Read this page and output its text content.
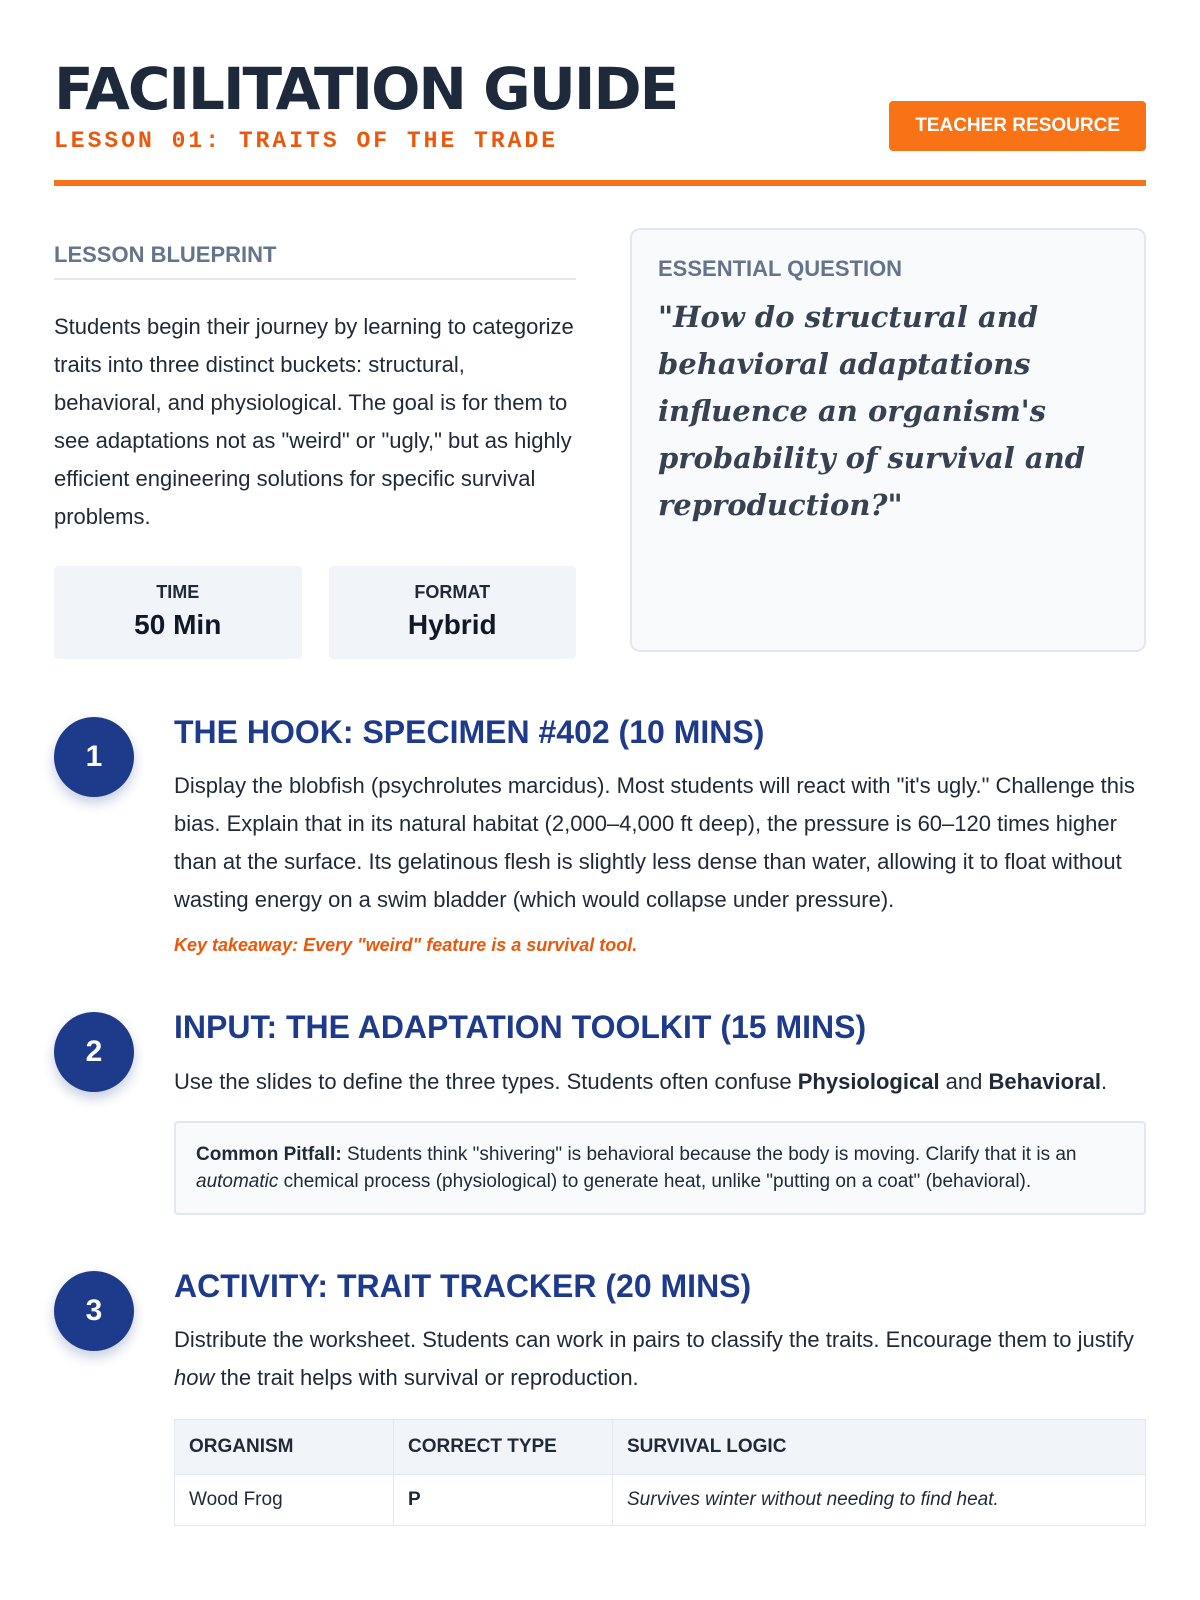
FACILITATION GUIDE
LESSON 01: TRAITS OF THE TRADE
TEACHER RESOURCE
LESSON BLUEPRINT
Students begin their journey by learning to categorize traits into three distinct buckets: structural, behavioral, and physiological. The goal is for them to see adaptations not as "weird" or "ugly," but as highly efficient engineering solutions for specific survival problems.
TIME
50 Min
FORMAT
Hybrid
ESSENTIAL QUESTION
"How do structural and behavioral adaptations influence an organism's probability of survival and reproduction?"
1
THE HOOK: SPECIMEN #402 (10 MINS)
Display the blobfish (psychrolutes marcidus). Most students will react with "it's ugly." Challenge this bias. Explain that in its natural habitat (2,000–4,000 ft deep), the pressure is 60–120 times higher than at the surface. Its gelatinous flesh is slightly less dense than water, allowing it to float without wasting energy on a swim bladder (which would collapse under pressure).
Key takeaway: Every "weird" feature is a survival tool.
2
INPUT: THE ADAPTATION TOOLKIT (15 MINS)
Use the slides to define the three types. Students often confuse Physiological and Behavioral.
Common Pitfall: Students think "shivering" is behavioral because the body is moving. Clarify that it is an automatic chemical process (physiological) to generate heat, unlike "putting on a coat" (behavioral).
3
ACTIVITY: TRAIT TRACKER (20 MINS)
Distribute the worksheet. Students can work in pairs to classify the traits. Encourage them to justify how the trait helps with survival or reproduction.
ORGANISM	CORRECT TYPE	SURVIVAL LOGIC
Wood Frog	P	Survives winter without needing to find heat.
